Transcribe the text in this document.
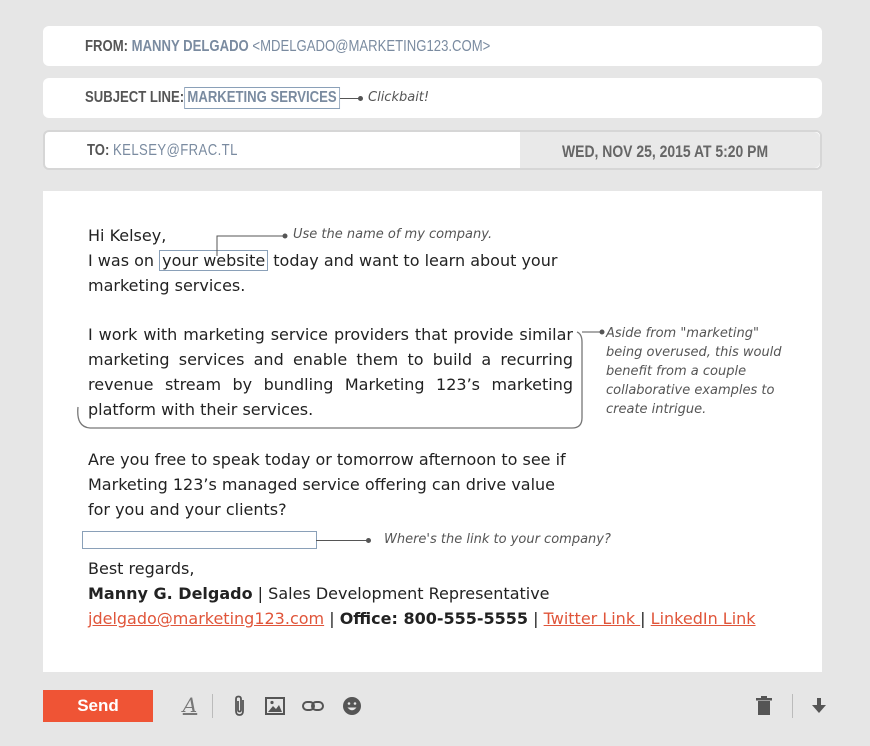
FROM: MANNY DELGADO <MDELGADO@MARKETING123.COM>
SUBJECT LINE: MARKETING SERVICES Clickbait!
TO: KELSEY@FRAC.TL	WED, NOV 25, 2015 AT 5:20 PM
Hi Kelsey,
I was on your website today and want to learn about your marketing services.
I work with marketing service providers that provide similar marketing services and enable them to build a recurring revenue stream by bundling Marketing 123’s marketing platform with their services.
Are you free to speak today or tomorrow afternoon to see if Marketing 123’s managed service offering can drive value for you and your clients?
Best regards,
Manny G. Delgado | Sales Development Representative
jdelgado@marketing123.com | Office: 800-555-5555 | Twitter Link | LinkedIn Link
Use the name of my company.
Aside from "marketing"
being overused, this would
benefit from a couple
collaborative examples to
create intrigue.
Where's the link to your company?
Send	A
